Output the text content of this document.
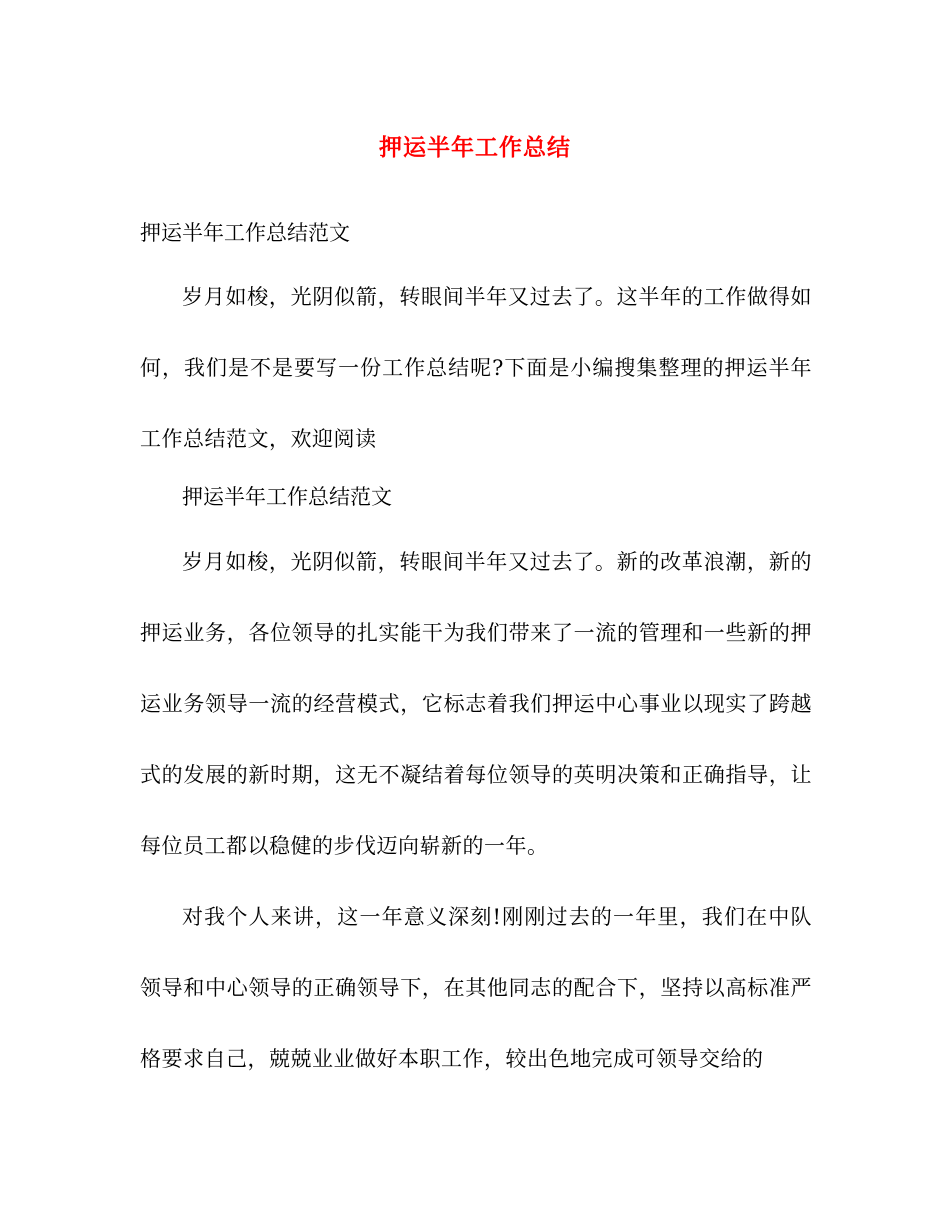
押运半年工作总结
押运半年工作总结范文
岁月如梭，光阴似箭，转眼间半年又过去了。这半年的工作做得如何，我们是不是要写一份工作总结呢?下面是小编搜集整理的押运半年工作总结范文，欢迎阅读
押运半年工作总结范文
岁月如梭，光阴似箭，转眼间半年又过去了。新的改革浪潮，新的押运业务，各位领导的扎实能干为我们带来了一流的管理和一些新的押运业务领导一流的经营模式，它标志着我们押运中心事业以现实了跨越式的发展的新时期，这无不凝结着每位领导的英明决策和正确指导，让每位员工都以稳健的步伐迈向崭新的一年。
对我个人来讲，这一年意义深刻!刚刚过去的一年里，我们在中队领导和中心领导的正确领导下，在其他同志的配合下，坚持以高标准严格要求自己，兢兢业业做好本职工作，较出色地完成可领导交给的
